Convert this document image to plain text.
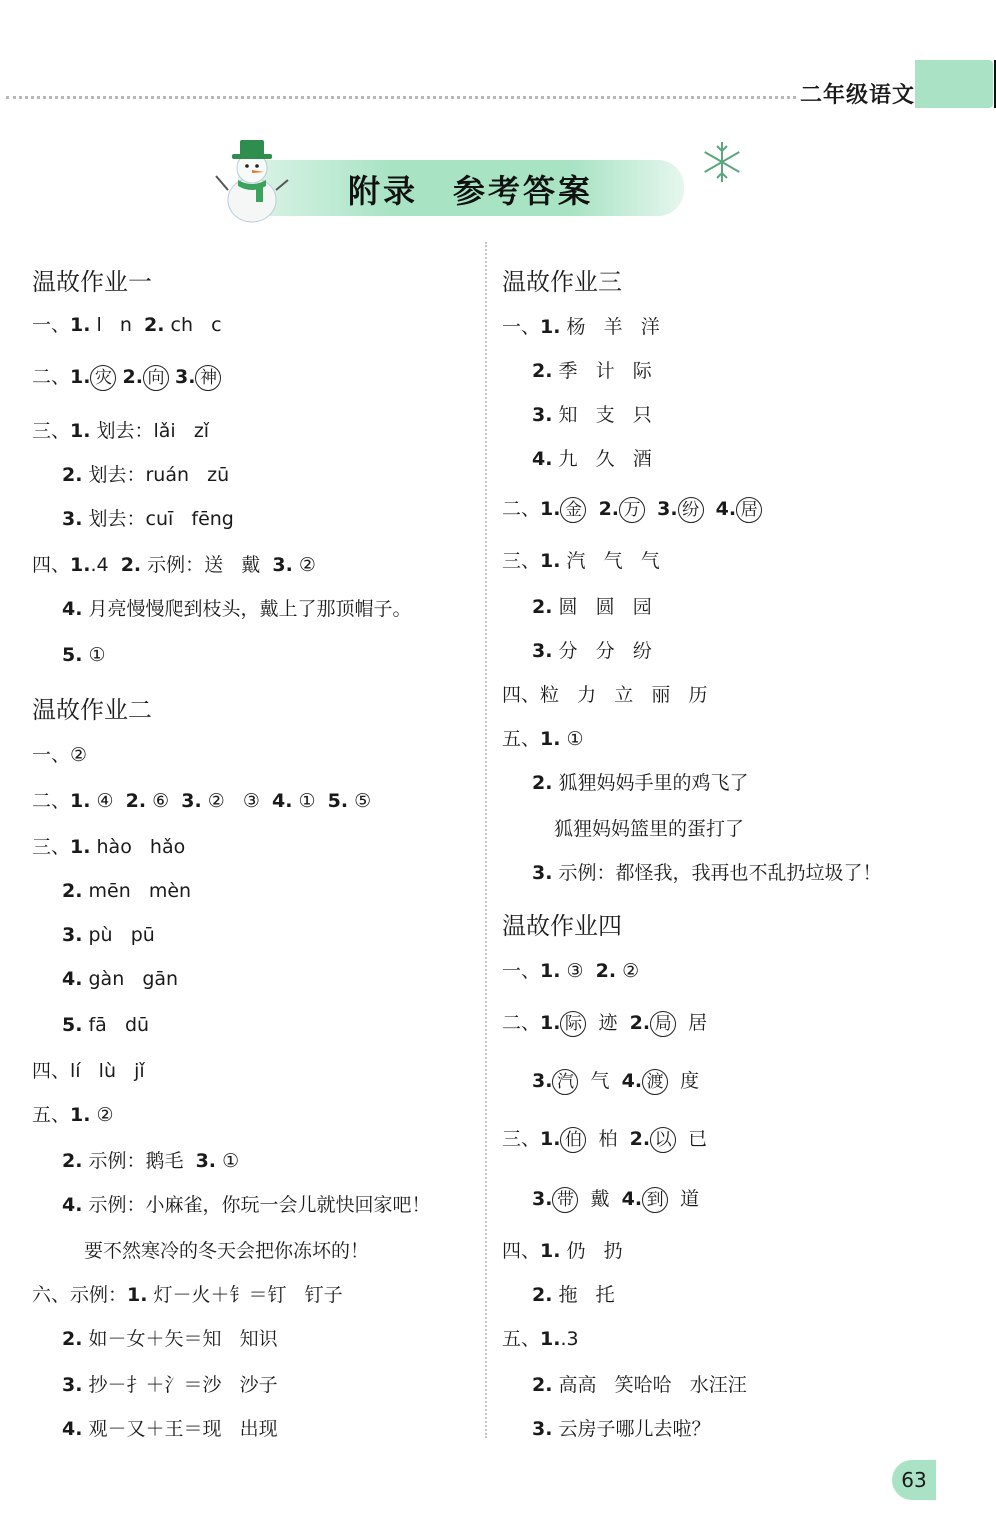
二年级语文
附录　参考答案
温故作业一
一、1. l   n  2. ch   c
二、1. 灾 2. 向 3. 神
三、1. 划去：lǎi   zǐ
2. 划去：ruán   zū
3. 划去：cuī   fēng
四、1..4  2. 示例：送   戴  3. ②
4. 月亮慢慢爬到枝头，戴上了那顶帽子。
5. ①
温故作业二
一、②
二、1. ④  2. ⑥  3. ②   ③  4. ①  5. ⑤
三、1. hào   hǎo
2. mēn   mèn
3. pù   pū
4. gàn   gān
5. fā   dū
四、lí   lù   jǐ
五、1. ②
2. 示例：鹅毛  3. ①
4. 示例：小麻雀，你玩一会儿就快回家吧！
要不然寒冷的冬天会把你冻坏的！
六、示例：1. 灯－火＋钅＝钉   钉子
2. 如－女＋矢＝知   知识
3. 抄－扌＋氵＝沙   沙子
4. 观－又＋王＝现   出现
温故作业三
一、1. 杨   羊   洋
2. 季   计   际
3. 知   支   只
4. 九   久   酒
二、1. 金 2. 万 3. 纷 4. 居
三、1. 汽   气   气
2. 圆   圆   园
3. 分   分   纷
四、粒   力   立   丽   历
五、1. ①
2. 狐狸妈妈手里的鸡飞了
狐狸妈妈篮里的蛋打了
3. 示例：都怪我，我再也不乱扔垃圾了！
温故作业四
一、1. ③  2. ②
二、1. 际  迹  2. 局  居
3. 汽  气  4. 渡  度
三、1. 伯  柏  2. 以  已
3. 带  戴  4. 到  道
四、1. 仍   扔
2. 拖   托
五、1..3
2. 高高   笑哈哈   水汪汪
3. 云房子哪儿去啦？
63
